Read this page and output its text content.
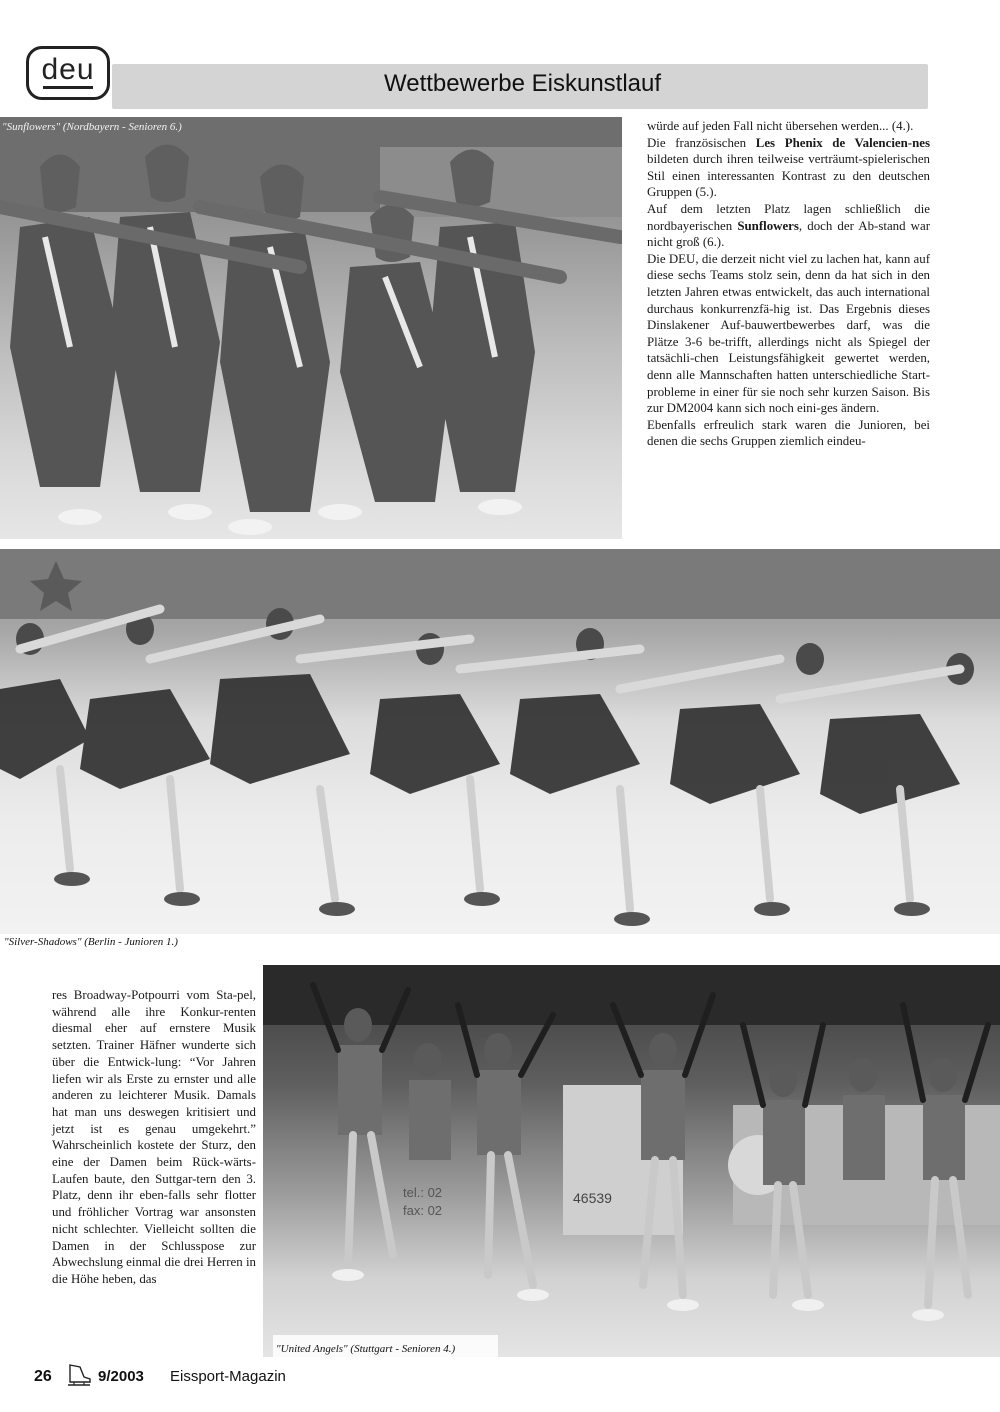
deu	Wettbewerbe Eiskunstlauf
"Sunflowers" (Nordbayern - Senioren 6.)	würde auf jeden Fall nicht übersehen werden... (4.).

Die französischen Les Phenix de Valencien-nes bildeten durch ihren teilweise verträumt-spielerischen Stil einen interessanten Kontrast zu den deutschen Gruppen (5.).

Auf dem letzten Platz lagen schließlich die nordbayerischen Sunflowers, doch der Ab-stand war nicht groß (6.).

Die DEU, die derzeit nicht viel zu lachen hat, kann auf diese sechs Teams stolz sein, denn da hat sich in den letzten Jahren etwas entwickelt, das auch international durchaus konkurrenzfä-hig ist. Das Ergebnis dieses Dinslakener Auf-bauwertbewerbes darf, was die Plätze 3-6 be-trifft, allerdings nicht als Spiegel der tatsächli-chen Leistungsfähigkeit gewertet werden, denn alle Mannschaften hatten unterschiedliche Start-probleme in einer für sie noch sehr kurzen Saison. Bis zur DM2004 kann sich noch eini-ges ändern.

Ebenfalls erfreulich stark waren die Junioren, bei denen die sechs Gruppen ziemlich eindeu-

"Silver-Shadows" (Berlin - Junioren 1.)

res Broadway-Potpourri vom Sta-pel, während alle ihre Konkur-renten diesmal eher auf ernstere Musik setzten. Trainer Häfner wunderte sich über die Entwick-lung: “Vor Jahren liefen wir als Erste zu ernster und alle anderen zu leichterer Musik. Damals hat man uns deswegen kritisiert und jetzt ist es genau umgekehrt.” Wahrscheinlich kostete der Sturz, den eine der Damen beim Rück-wärts-Laufen baute, den Suttgar-tern den 3. Platz, denn ihr eben-falls sehr flotter und fröhlicher Vortrag war ansonsten nicht schlechter. Vielleicht sollten die Damen in der Schlusspose zur Abwechslung einmal die drei Herren in die Höhe heben, das

46539
tel.: 02
fax: 02
"United Angels" (Stuttgart - Senioren 4.)
26	9/2003 Eissport-Magazin
